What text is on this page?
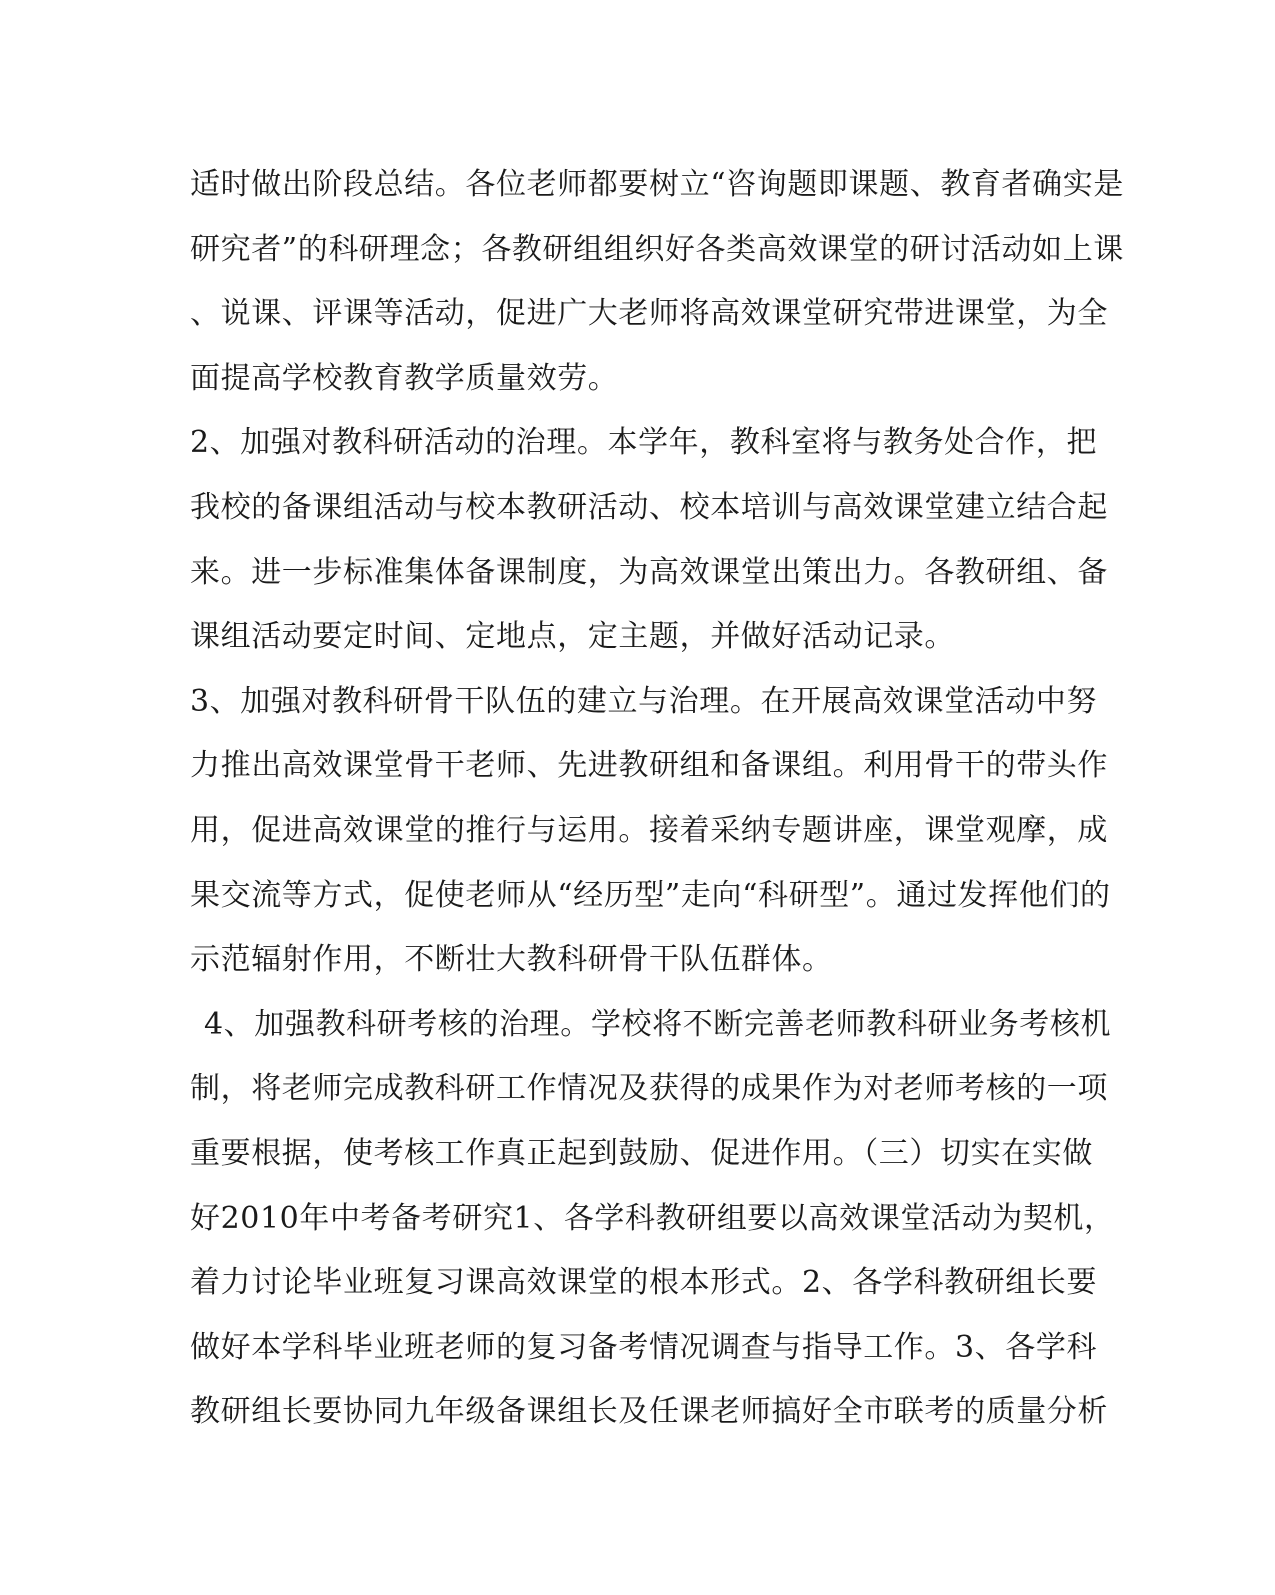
适时做出阶段总结。各位老师都要树立“咨询题即课题、教育者确实是
研究者”的科研理念；各教研组组织好各类高效课堂的研讨活动如上课
、说课、评课等活动，促进广大老师将高效课堂研究带进课堂，为全
面提高学校教育教学质量效劳。
2、加强对教科研活动的治理。本学年，教科室将与教务处合作，把
我校的备课组活动与校本教研活动、校本培训与高效课堂建立结合起
来。进一步标准集体备课制度，为高效课堂出策出力。各教研组、备
课组活动要定时间、定地点，定主题，并做好活动记录。
3、加强对教科研骨干队伍的建立与治理。在开展高效课堂活动中努
力推出高效课堂骨干老师、先进教研组和备课组。利用骨干的带头作
用，促进高效课堂的推行与运用。接着采纳专题讲座，课堂观摩，成
果交流等方式，促使老师从“经历型”走向“科研型”。通过发挥他们的
示范辐射作用，不断壮大教科研骨干队伍群体。
4、加强教科研考核的治理。学校将不断完善老师教科研业务考核机
制，将老师完成教科研工作情况及获得的成果作为对老师考核的一项
重要根据，使考核工作真正起到鼓励、促进作用。（三）切实在实做
好2010年中考备考研究1、各学科教研组要以高效课堂活动为契机，
着力讨论毕业班复习课高效课堂的根本形式。2、各学科教研组长要
做好本学科毕业班老师的复习备考情况调查与指导工作。3、各学科
教研组长要协同九年级备课组长及任课老师搞好全市联考的质量分析
